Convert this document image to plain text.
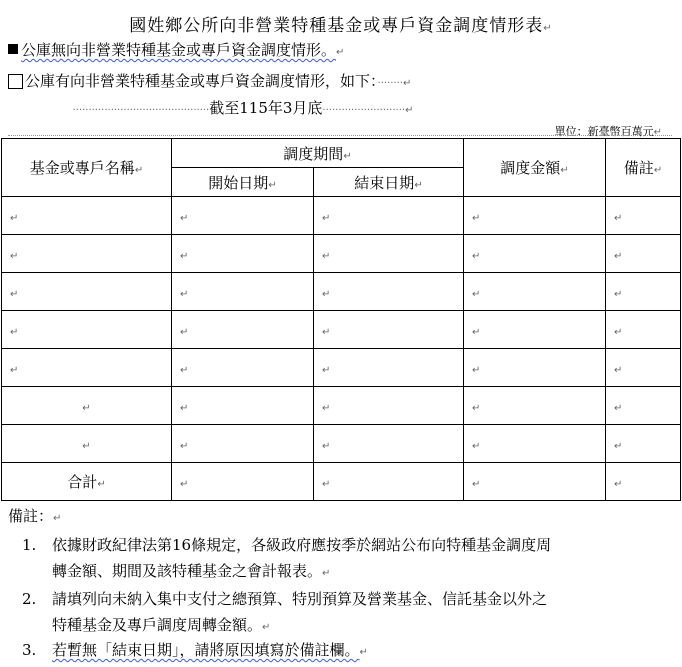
國姓鄉公所向非營業特種基金或專戶資金調度情形表↵
公庫無向非營業特種基金或專戶資金調度情形。↵
公庫有向非營業特種基金或專戶資金調度情形，如下：········↵
···········································截至115年3月底··························↵
單位：新臺幣百萬元↵
基金或專戶名稱↵	調度期間↵		調度金額↵	備註↵
	開始日期↵	結束日期↵		
↵	↵	↵	↵	↵
↵	↵	↵	↵	↵
↵	↵	↵	↵	↵
↵	↵	↵	↵	↵
↵	↵	↵	↵	↵
↵	↵	↵	↵	↵
↵	↵	↵	↵	↵
合計↵	↵	↵	↵	↵
備註：↵
1. 依據財政紀律法第16條規定，各級政府應按季於網站公布向特種基金調度周
轉金額、期間及該特種基金之會計報表。↵
2. 請填列向未納入集中支付之總預算、特別預算及營業基金、信託基金以外之
特種基金及專戶調度周轉金額。↵
3. 若暫無「結束日期」，請將原因填寫於備註欄。↵
